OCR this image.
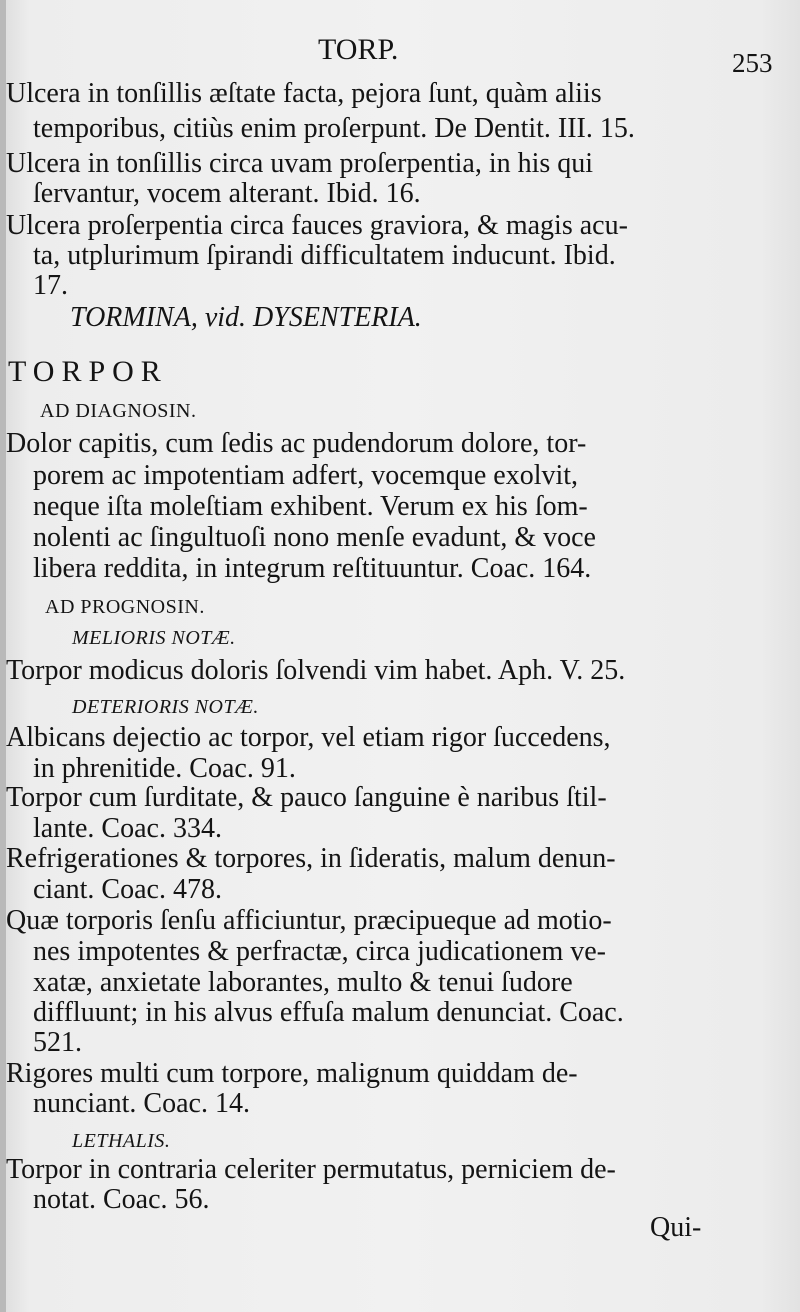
TORP.	253
Ulcera in tonſillis æſtate facta, pejora ſunt, quàm aliis
temporibus, citiùs enim proſerpunt. De Dentit. III. 15.
Ulcera in tonſillis circa uvam proſerpentia, in his qui
ſervantur, vocem alterant. Ibid. 16.
Ulcera proſerpentia circa fauces graviora, & magis acu-
ta, utplurimum ſpirandi difficultatem inducunt. Ibid.
17.
TORMINA, vid. DYSENTERIA.
TORPOR
AD DIAGNOSIN.
Dolor capitis, cum ſedis ac pudendorum dolore, tor-
porem ac impotentiam adfert, vocemque exolvit,
neque iſta moleſtiam exhibent. Verum ex his ſom-
nolenti ac ſingultuoſi nono menſe evadunt, & voce
libera reddita, in integrum reſtituuntur. Coac. 164.
AD PROGNOSIN.
MELIORIS NOTÆ.
Torpor modicus doloris ſolvendi vim habet. Aph. V. 25.
DETERIORIS NOTÆ.
Albicans dejectio ac torpor, vel etiam rigor ſuccedens,
in phrenitide. Coac. 91.
Torpor cum ſurditate, & pauco ſanguine è naribus ſtil-
lante. Coac. 334.
Refrigerationes & torpores, in ſideratis, malum denun-
ciant. Coac. 478.
Quæ torporis ſenſu afficiuntur, præcipueque ad motio-
nes impotentes & perfractæ, circa judicationem ve-
xatæ, anxietate laborantes, multo & tenui ſudore
diffluunt; in his alvus effuſa malum denunciat. Coac.
521.
Rigores multi cum torpore, malignum quiddam de-
nunciant. Coac. 14.
LETHALIS.
Torpor in contraria celeriter permutatus, perniciem de-
notat. Coac. 56.
Qui-
